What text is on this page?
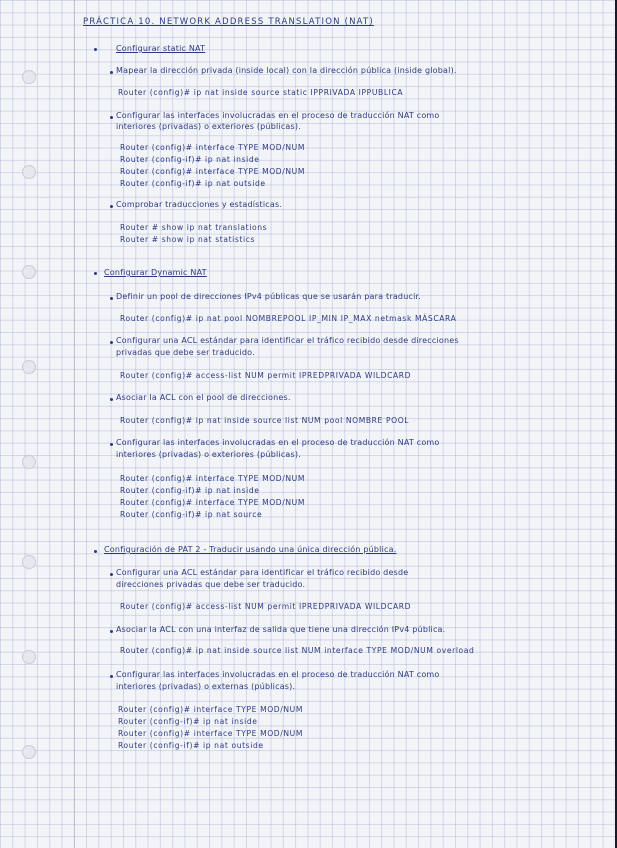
PRÁCTICA 10. NETWORK ADDRESS TRANSLATION (NAT)
Configurar static NAT
Mapear la dirección privada (inside local) con la dirección pública (inside global).
Router (config)# ip nat inside source static IPPRIVADA IPPUBLICA
Configurar las interfaces involucradas en el proceso de traducción NAT como
interiores (privadas) o exteriores (públicas).
Router (config)# interface TYPE MOD/NUM
Router (config-if)# ip nat inside
Router (config)# interface TYPE MOD/NUM
Router (config-if)# ip nat outside
Comprobar traducciones y estadísticas.
Router # show ip nat translations
Router # show ip nat statistics
Configurar Dynamic NAT
Definir un pool de direcciones IPv4 públicas que se usarán para traducir.
Router (config)# ip nat pool NOMBREPOOL IP_MIN IP_MAX netmask MÁSCARA
Configurar una ACL estándar para identificar el tráfico recibido desde direcciones
privadas que debe ser traducido.
Router (config)# access-list NUM permit IPREDPRIVADA WILDCARD
Asociar la ACL con el pool de direcciones.
Router (config)# ip nat inside source list NUM pool NOMBRE POOL
Configurar las interfaces involucradas en el proceso de traducción NAT como
interiores (privadas) o exteriores (públicas).
Router (config)# interface TYPE MOD/NUM
Router (config-if)# ip nat inside
Router (config)# interface TYPE MOD/NUM
Router (config-if)# ip nat source
Configuración de PAT 2 - Traducir usando una única dirección pública.
Configurar una ACL estándar para identificar el tráfico recibido desde
direcciones privadas que debe ser traducido.
Router (config)# access-list NUM permit IPREDPRIVADA WILDCARD
Asociar la ACL con una interfaz de salida que tiene una dirección IPv4 pública.
Router (config)# ip nat inside source list NUM interface TYPE MOD/NUM overload
Configurar las interfaces involucradas en el proceso de traducción NAT como
interiores (privadas) o externas (públicas).
Router (config)# interface TYPE MOD/NUM
Router (config-if)# ip nat inside
Router (config)# interface TYPE MOD/NUM
Router (config-if)# ip nat outside
